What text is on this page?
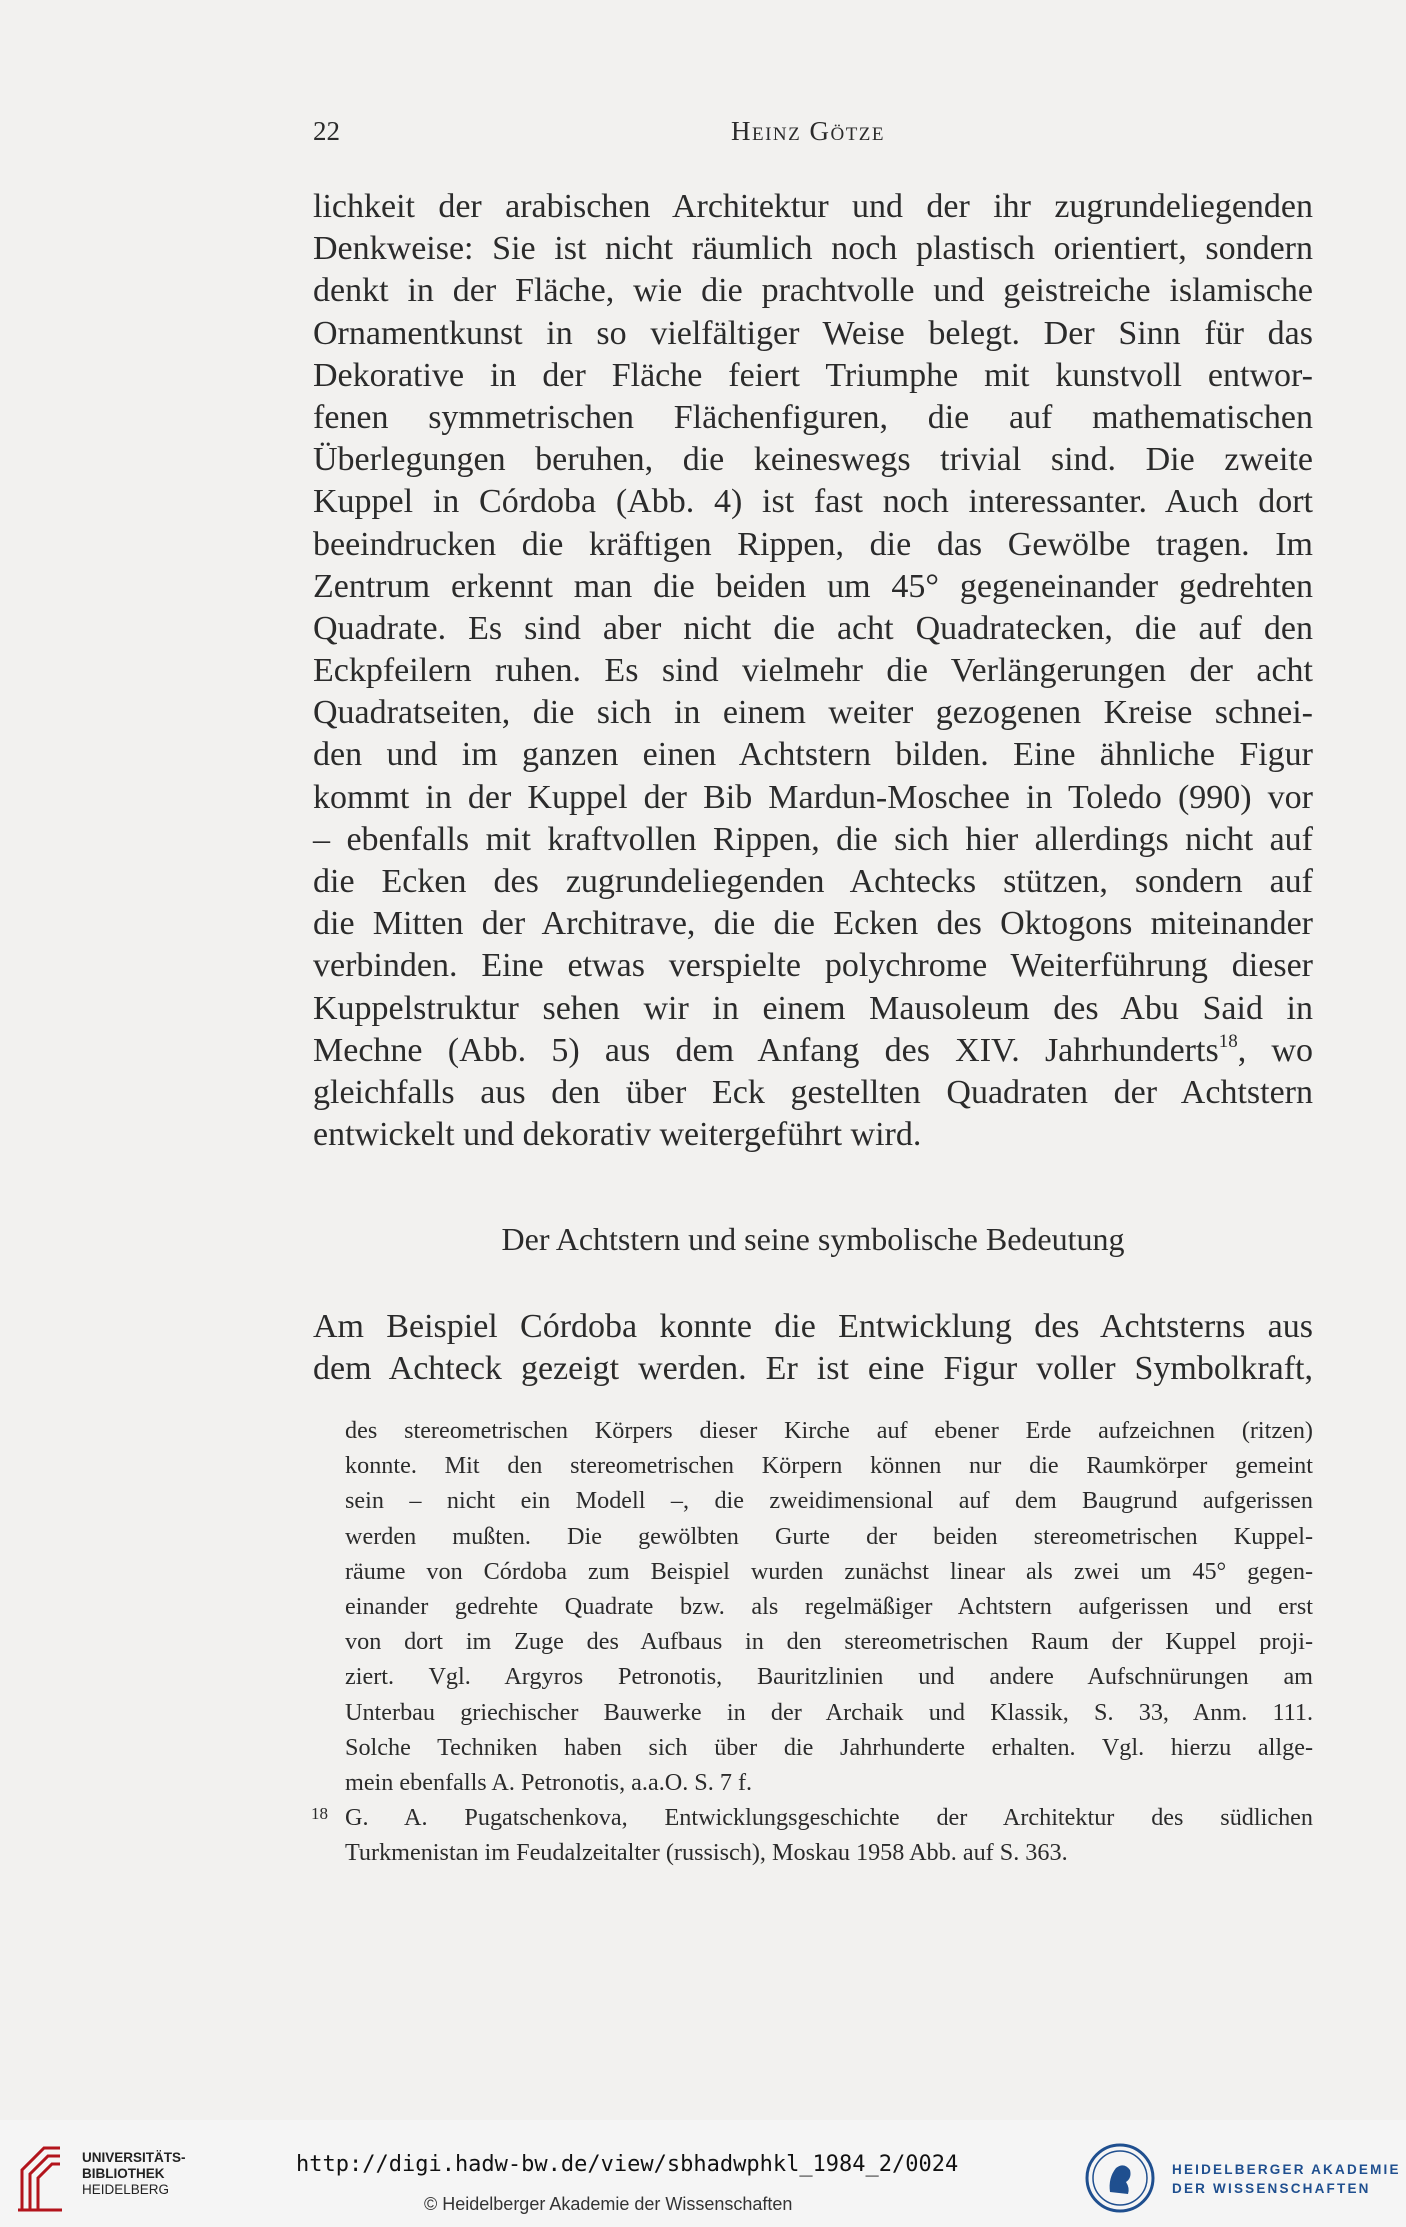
22	Heinz Götze
lichkeit der arabischen Architektur und der ihr zugrundeliegenden
Denkweise: Sie ist nicht räumlich noch plastisch orientiert, sondern
denkt in der Fläche, wie die prachtvolle und geistreiche islamische
Ornamentkunst in so vielfältiger Weise belegt. Der Sinn für das
Dekorative in der Fläche feiert Triumphe mit kunstvoll entwor-
fenen symmetrischen Flächenfiguren, die auf mathematischen
Überlegungen beruhen, die keineswegs trivial sind. Die zweite
Kuppel in Córdoba (Abb. 4) ist fast noch interessanter. Auch dort
beeindrucken die kräftigen Rippen, die das Gewölbe tragen. Im
Zentrum erkennt man die beiden um 45° gegeneinander gedrehten
Quadrate. Es sind aber nicht die acht Quadratecken, die auf den
Eckpfeilern ruhen. Es sind vielmehr die Verlängerungen der acht
Quadratseiten, die sich in einem weiter gezogenen Kreise schnei-
den und im ganzen einen Achtstern bilden. Eine ähnliche Figur
kommt in der Kuppel der Bib Mardun-Moschee in Toledo (990) vor
– ebenfalls mit kraftvollen Rippen, die sich hier allerdings nicht auf
die Ecken des zugrundeliegenden Achtecks stützen, sondern auf
die Mitten der Architrave, die die Ecken des Oktogons miteinander
verbinden. Eine etwas verspielte polychrome Weiterführung dieser
Kuppelstruktur sehen wir in einem Mausoleum des Abu Said in
Mechne (Abb. 5) aus dem Anfang des XIV. Jahrhunderts$^{18}$, wo
gleichfalls aus den über Eck gestellten Quadraten der Achtstern
entwickelt und dekorativ weitergeführt wird.
Der Achtstern und seine symbolische Bedeutung
Am Beispiel Córdoba konnte die Entwicklung des Achtsterns aus
dem Achteck gezeigt werden. Er ist eine Figur voller Symbolkraft,
des stereometrischen Körpers dieser Kirche auf ebener Erde aufzeichnen (ritzen)
konnte. Mit den stereometrischen Körpern können nur die Raumkörper gemeint
sein – nicht ein Modell –, die zweidimensional auf dem Baugrund aufgerissen
werden mußten. Die gewölbten Gurte der beiden stereometrischen Kuppel-
räume von Córdoba zum Beispiel wurden zunächst linear als zwei um 45° gegen-
einander gedrehte Quadrate bzw. als regelmäßiger Achtstern aufgerissen und erst
von dort im Zuge des Aufbaus in den stereometrischen Raum der Kuppel proji-
ziert. Vgl. Argyros Petronotis, Bauritzlinien und andere Aufschnürungen am
Unterbau griechischer Bauwerke in der Archaik und Klassik, S. 33, Anm. 111.
Solche Techniken haben sich über die Jahrhunderte erhalten. Vgl. hierzu allge-
mein ebenfalls A. Petronotis, a.a.O. S. 7 f.
18 G. A. Pugatschenkova, Entwicklungsgeschichte der Architektur des südlichen
Turkmenistan im Feudalzeitalter (russisch), Moskau 1958 Abb. auf S. 363.
UNIVERSITÄTS-
BIBLIOTHEK
HEIDELBERG
http://digi.hadw-bw.de/view/sbhadwphkl_1984_2/0024
© Heidelberger Akademie der Wissenschaften
HEIDELBERGER AKADEMIE
DER WISSENSCHAFTEN
